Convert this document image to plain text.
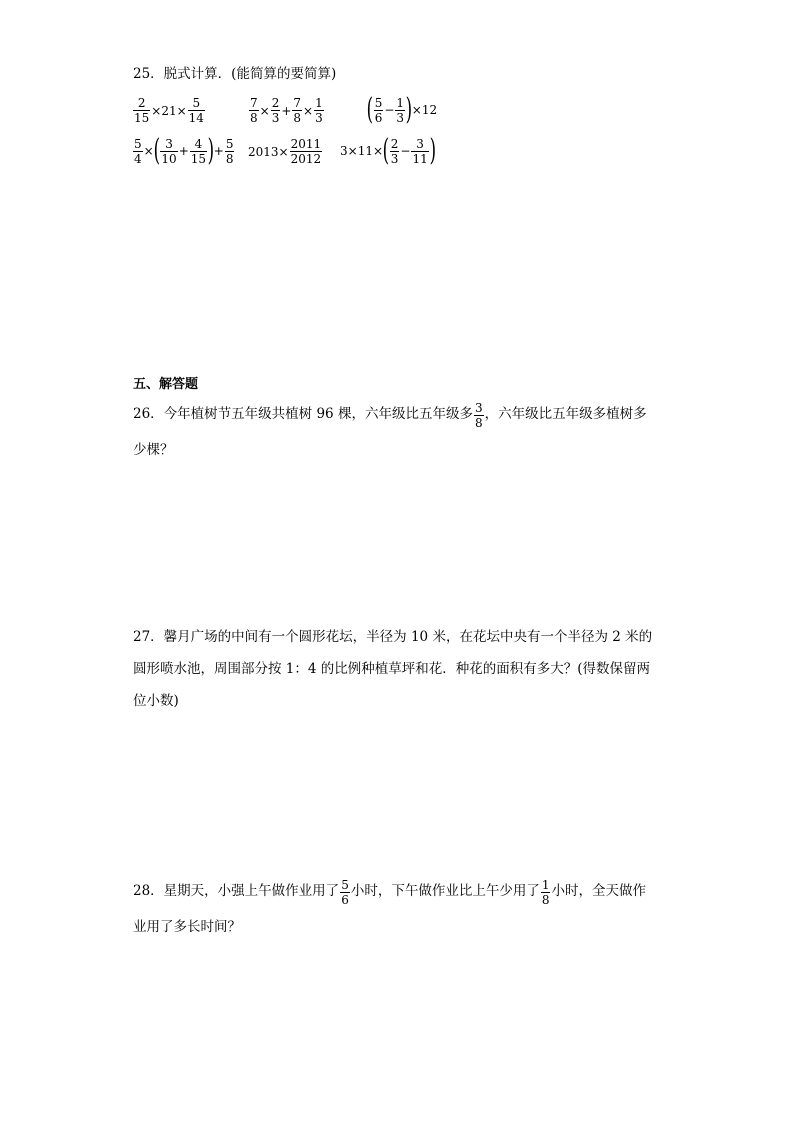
25．脱式计算．(能简算的要简算)
$\frac{2}{15} \times 21\times \frac{5}{14}$	$\frac{7}{8} \times \frac{2}{3} + \frac{7}{8} \times \frac{1}{3}$ ( $\frac{5}{6} - \frac{1}{3}$ ) ×12
$\frac{5}{4}$ × ( $\frac{3}{10} + \frac{4}{15}$ ) + $\frac{5}{8} 2013\times \frac{2011}{2012} 3\times 11\times$ ( $\frac{2}{3} - \frac{3}{11}$ )
五、解答题
26．今年植树节五年级共植树 96 棵，六年级比五年级多 $\frac{3}{8}$ ，六年级比五年级多植树多
少棵？
27．馨月广场的中间有一个圆形花坛，半径为 10 米，在花坛中央有一个半径为 2 米的
圆形喷水池，周围部分按 1：4 的比例种植草坪和花．种花的面积有多大？(得数保留两
位小数)
28．星期天，小强上午做作业用了 $\frac{5}{6}$ 小时，下午做作业比上午少用了 $\frac{1}{8}$ 小时，全天做作
业用了多长时间？
